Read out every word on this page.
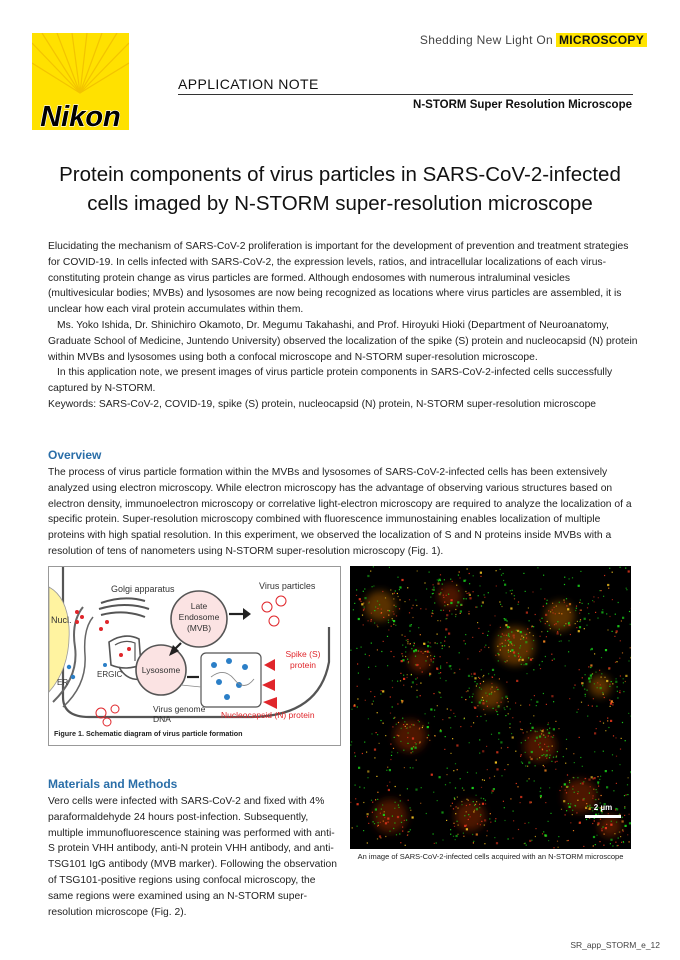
Nikon
Shedding New Light On MICROSCOPY
APPLICATION NOTE
N-STORM Super Resolution Microscope
Protein components of virus particles in SARS-CoV-2-infected
cells imaged by N-STORM super-resolution microscope

Elucidating the mechanism of SARS-CoV-2 proliferation is important for the development of prevention and treatment strategies for COVID-19. In cells infected with SARS-CoV-2, the expression levels, ratios, and intracellular localizations of each virus-constituting protein change as virus particles are formed. Although endosomes with numerous intraluminal vesicles (multivesicular bodies; MVBs) and lysosomes are now being recognized as locations where virus particles are assembled, it is unclear how each viral protein accumulates within them.

Ms. Yoko Ishida, Dr. Shinichiro Okamoto, Dr. Megumu Takahashi, and Prof. Hiroyuki Hioki (Department of Neuroanatomy, Graduate School of Medicine, Juntendo University) observed the localization of the spike (S) protein and nucleocapsid (N) protein within MVBs and lysosomes using both a confocal microscope and N-STORM super-resolution microscope.

In this application note, we present images of virus particle protein components in SARS-CoV-2-infected cells successfully captured by N-STORM.

Keywords: SARS-CoV-2, COVID-19, spike (S) protein, nucleocapsid (N) protein, N-STORM super-resolution microscope

Overview

The process of virus particle formation within the MVBs and lysosomes of SARS-CoV-2-infected cells has been extensively analyzed using electron microscopy. While electron microscopy has the advantage of observing various structures based on electron density, immunoelectron microscopy or correlative light-electron microscopy are required to analyze the localization of a specific protein. Super-resolution microscopy combined with fluorescence immunostaining enables localization of multiple proteins with high spatial resolution. In this experiment, we observed the localization of S and N proteins inside MVBs with a resolution of tens of nanometers using N-STORM super-resolution microscopy (Fig. 1).

Nucl.
ER
Golgi apparatus
ERGIC
Late
Endosome
(MVB)
Lysosome
Virus particles
Spike (S)
protein
Virus genome
DNA	Nucleocapsid (N) protein
Figure 1. Schematic diagram of virus particle formation
Materials and Methods

Vero cells were infected with SARS-CoV-2 and fixed with 4% paraformaldehyde 24 hours post-infection. Subsequently, multiple immunofluorescence staining was performed with anti-S protein VHH antibody, anti-N protein VHH antibody, and anti-TSG101 IgG antibody (MVB marker). Following the observation of TSG101-positive regions using confocal microscopy, the same regions were examined using an N-STORM super-resolution microscope (Fig. 2).

2 µm
An image of SARS-CoV-2-infected cells acquired with an N-STORM microscope
SR_app_STORM_e_12
